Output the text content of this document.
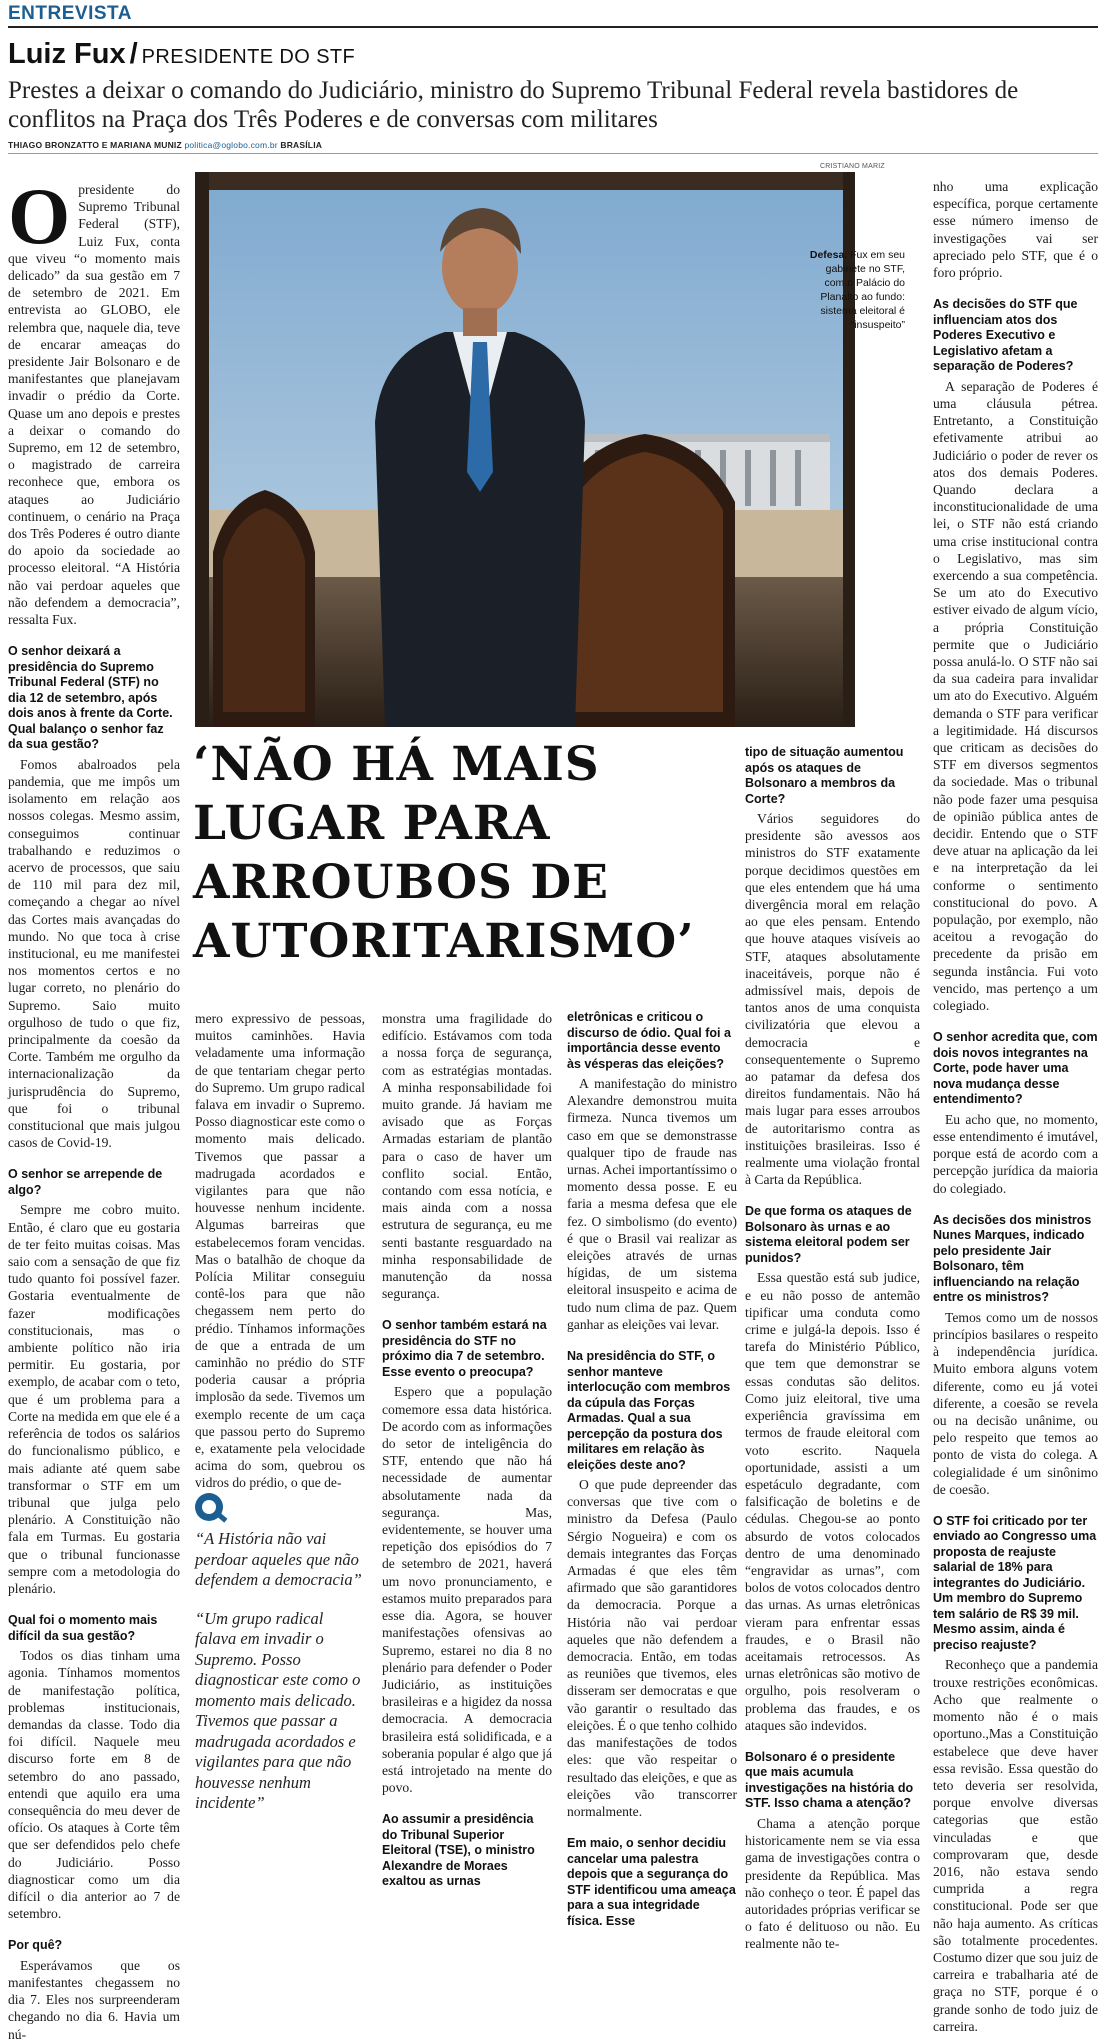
ENTREVISTA
Luiz Fux / PRESIDENTE DO STF
Prestes a deixar o comando do Judiciário, ministro do Supremo Tribunal Federal revela bastidores de conflitos na Praça dos Três Poderes e de conversas com militares
THIAGO BRONZATTO E MARIANA MUNIZ politica@oglobo.com.br BRASÍLIA
CRISTIANO MARIZ
Defesa. Fux em seu gabinete no STF, com o Palácio do Planalto ao fundo: sistema eleitoral é “insuspeito”
‘NÃO HÁ MAIS LUGAR PARA ARROUBOS DE AUTORITARISMO’

Opresidente do Supremo Tribunal Federal (STF), Luiz Fux, conta que viveu “o momento mais delicado” da sua gestão em 7 de setembro de 2021. Em entrevista ao GLOBO, ele relembra que, naquele dia, teve de encarar ameaças do presidente Jair Bolsonaro e de manifestantes que planejavam invadir o prédio da Corte. Quase um ano depois e prestes a deixar o comando do Supremo, em 12 de setembro, o magistrado de carreira reconhece que, embora os ataques ao Judiciário continuem, o cenário na Praça dos Três Poderes é outro diante do apoio da sociedade ao processo eleitoral. “A História não vai perdoar aqueles que não defendem a democracia”, ressalta Fux.

O senhor deixará a presidência do Supremo Tribunal Federal (STF) no dia 12 de setembro, após dois anos à frente da Corte. Qual balanço o senhor faz da sua gestão?

Fomos abalroados pela pandemia, que me impôs um isolamento em relação aos nossos colegas. Mesmo assim, conseguimos continuar trabalhando e reduzimos o acervo de processos, que saiu de 110 mil para dez mil, começando a chegar ao nível das Cortes mais avançadas do mundo. No que toca à crise institucional, eu me manifestei nos momentos certos e no lugar correto, no plenário do Supremo. Saio muito orgulhoso de tudo o que fiz, principalmente da coesão da Corte. Também me orgulho da internacionalização da jurisprudência do Supremo, que foi o tribunal constitucional que mais julgou casos de Covid-19.

O senhor se arrepende de algo?

Sempre me cobro muito. Então, é claro que eu gostaria de ter feito muitas coisas. Mas saio com a sensação de que fiz tudo quanto foi possível fazer. Gostaria eventualmente de fazer modificações constitucionais, mas o ambiente político não iria permitir. Eu gostaria, por exemplo, de acabar com o teto, que é um problema para a Corte na medida em que ele é a referência de todos os salários do funcionalismo público, e mais adiante até quem sabe transformar o STF em um tribunal que julga pelo plenário. A Constituição não fala em Turmas. Eu gostaria que o tribunal funcionasse sempre com a metodologia do plenário.

Qual foi o momento mais difícil da sua gestão?

Todos os dias tinham uma agonia. Tínhamos momentos de manifestação política, problemas institucionais, demandas da classe. Todo dia foi difícil. Naquele meu discurso forte em 8 de setembro do ano passado, entendi que aquilo era uma consequência do meu dever de ofício. Os ataques à Corte têm que ser defendidos pelo chefe do Judiciário. Posso diagnosticar como um dia difícil o dia anterior ao 7 de setembro.

Por quê?

Esperávamos que os manifestantes chegassem no dia 7. Eles nos surpreenderam chegando no dia 6. Havia um nú-

mero expressivo de pessoas, muitos caminhões. Havia veladamente uma informação de que tentariam chegar perto do Supremo. Um grupo radical falava em invadir o Supremo. Posso diagnosticar este como o momento mais delicado. Tivemos que passar a madrugada acordados e vigilantes para que não houvesse nenhum incidente. Algumas barreiras que estabelecemos foram vencidas. Mas o batalhão de choque da Polícia Militar conseguiu contê-los para que não chegassem nem perto do prédio. Tínhamos informações de que a entrada de um caminhão no prédio do STF poderia causar a própria implosão da sede. Tivemos um exemplo recente de um caça que passou perto do Supremo e, exatamente pela velocidade acima do som, quebrou os vidros do prédio, o que de-

“A História não vai perdoar aqueles que não defendem a democracia”
“Um grupo radical falava em invadir o Supremo. Posso diagnosticar este como o momento mais delicado. Tivemos que passar a madrugada acordados e vigilantes para que não houvesse nenhum incidente”

monstra uma fragilidade do edifício. Estávamos com toda a nossa força de segurança, com as estratégias montadas. A minha responsabilidade foi muito grande. Já haviam me avisado que as Forças Armadas estariam de plantão para o caso de haver um conflito social. Então, contando com essa notícia, e mais ainda com a nossa estrutura de segurança, eu me senti bastante resguardado na minha responsabilidade de manutenção da nossa segurança.

O senhor também estará na presidência do STF no próximo dia 7 de setembro. Esse evento o preocupa?

Espero que a população comemore essa data histórica. De acordo com as informações do setor de inteligência do STF, entendo que não há necessidade de aumentar absolutamente nada da segurança. Mas, evidentemente, se houver uma repetição dos episódios do 7 de setembro de 2021, haverá um novo pronunciamento, e estamos muito preparados para esse dia. Agora, se houver manifestações ofensivas ao Supremo, estarei no dia 8 no plenário para defender o Poder Judiciário, as instituições brasileiras e a higidez da nossa democracia. A democracia brasileira está solidificada, e a soberania popular é algo que já está introjetado na mente do povo.

Ao assumir a presidência do Tribunal Superior Eleitoral (TSE), o ministro Alexandre de Moraes exaltou as urnas
eletrônicas e criticou o discurso de ódio. Qual foi a importância desse evento às vésperas das eleições?

A manifestação do ministro Alexandre demonstrou muita firmeza. Nunca tivemos um caso em que se demonstrasse qualquer tipo de fraude nas urnas. Achei importantíssimo o momento dessa posse. E eu faria a mesma defesa que ele fez. O simbolismo (do evento) é que o Brasil vai realizar as eleições através de urnas hígidas, de um sistema eleitoral insuspeito e acima de tudo num clima de paz. Quem ganhar as eleições vai levar.

Na presidência do STF, o senhor manteve interlocução com membros da cúpula das Forças Armadas. Qual a sua percepção da postura dos militares em relação às eleições deste ano?

O que pude depreender das conversas que tive com o ministro da Defesa (Paulo Sérgio Nogueira) e com os demais integrantes das Forças Armadas é que eles têm afirmado que são garantidores da democracia. Porque a História não vai perdoar aqueles que não defendem a democracia. Então, em todas as reuniões que tivemos, eles disseram ser democratas e que vão garantir o resultado das eleições. É o que tenho colhido das manifestações de todos eles: que vão respeitar o resultado das eleições, e que as eleições vão transcorrer normalmente.

Em maio, o senhor decidiu cancelar uma palestra depois que a segurança do STF identificou uma ameaça para a sua integridade física. Esse
tipo de situação aumentou após os ataques de Bolsonaro a membros da Corte?

Vários seguidores do presidente são avessos aos ministros do STF exatamente porque decidimos questões em que eles entendem que há uma divergência moral em relação ao que eles pensam. Entendo que houve ataques visíveis ao STF, ataques absolutamente inaceitáveis, porque não é admissível mais, depois de tantos anos de uma conquista civilizatória que elevou a democracia e consequentemente o Supremo ao patamar da defesa dos direitos fundamentais. Não há mais lugar para esses arroubos de autoritarismo contra as instituições brasileiras. Isso é realmente uma violação frontal à Carta da República.

De que forma os ataques de Bolsonaro às urnas e ao sistema eleitoral podem ser punidos?

Essa questão está sub judice, e eu não posso de antemão tipificar uma conduta como crime e julgá-la depois. Isso é tarefa do Ministério Público, que tem que demonstrar se essas condutas são delitos. Como juiz eleitoral, tive uma experiência gravíssima em termos de fraude eleitoral com voto escrito. Naquela oportunidade, assisti a um espetáculo degradante, com falsificação de boletins e de cédulas. Chegou-se ao ponto absurdo de votos colocados dentro de uma denominado “engravidar as urnas”, com bolos de votos colocados dentro das urnas. As urnas eletrônicas vieram para enfrentar essas fraudes, e o Brasil não aceitamais retrocessos. As urnas eletrônicas são motivo de orgulho, pois resolveram o problema das fraudes, e os ataques são indevidos.

Bolsonaro é o presidente que mais acumula investigações na história do STF. Isso chama a atenção?

Chama a atenção porque historicamente nem se via essa gama de investigações contra o presidente da República. Mas não conheço o teor. É papel das autoridades próprias verificar se o fato é delituoso ou não. Eu realmente não te-

nho uma explicação específica, porque certamente esse número imenso de investigações vai ser apreciado pelo STF, que é o foro próprio.

As decisões do STF que influenciam atos dos Poderes Executivo e Legislativo afetam a separação de Poderes?

A separação de Poderes é uma cláusula pétrea. Entretanto, a Constituição efetivamente atribui ao Judiciário o poder de rever os atos dos demais Poderes. Quando declara a inconstitucionalidade de uma lei, o STF não está criando uma crise institucional contra o Legislativo, mas sim exercendo a sua competência. Se um ato do Executivo estiver eivado de algum vício, a própria Constituição permite que o Judiciário possa anulá-lo. O STF não sai da sua cadeira para invalidar um ato do Executivo. Alguém demanda o STF para verificar a legitimidade. Há discursos que criticam as decisões do STF em diversos segmentos da sociedade. Mas o tribunal não pode fazer uma pesquisa de opinião pública antes de decidir. Entendo que o STF deve atuar na aplicação da lei e na interpretação da lei conforme o sentimento constitucional do povo. A população, por exemplo, não aceitou a revogação do precedente da prisão em segunda instância. Fui voto vencido, mas pertenço a um colegiado.

O senhor acredita que, com dois novos integrantes na Corte, pode haver uma nova mudança desse entendimento?

Eu acho que, no momento, esse entendimento é imutável, porque está de acordo com a percepção jurídica da maioria do colegiado.

As decisões dos ministros Nunes Marques, indicado pelo presidente Jair Bolsonaro, têm influenciando na relação entre os ministros?

Temos como um de nossos princípios basilares o respeito à independência jurídica. Muito embora alguns votem diferente, como eu já votei diferente, a coesão se revela ou na decisão unânime, ou pelo respeito que temos ao ponto de vista do colega. A colegialidade é um sinônimo de coesão.

O STF foi criticado por ter enviado ao Congresso uma proposta de reajuste salarial de 18% para integrantes do Judiciário. Um membro do Supremo tem salário de R$ 39 mil. Mesmo assim, ainda é preciso reajuste?

Reconheço que a pandemia trouxe restrições econômicas. Acho que realmente o momento não é o mais oportuno.,Mas a Constituição estabelece que deve haver essa revisão. Essa questão do teto deveria ser resolvida, porque envolve diversas categorias que estão vinculadas e que comprovaram que, desde 2016, não estava sendo cumprida a regra constitucional. Pode ser que não haja aumento. As críticas são totalmente procedentes. Costumo dizer que sou juiz de carreira e trabalharia até de graça no STF, porque é o grande sonho de todo juiz de carreira.
